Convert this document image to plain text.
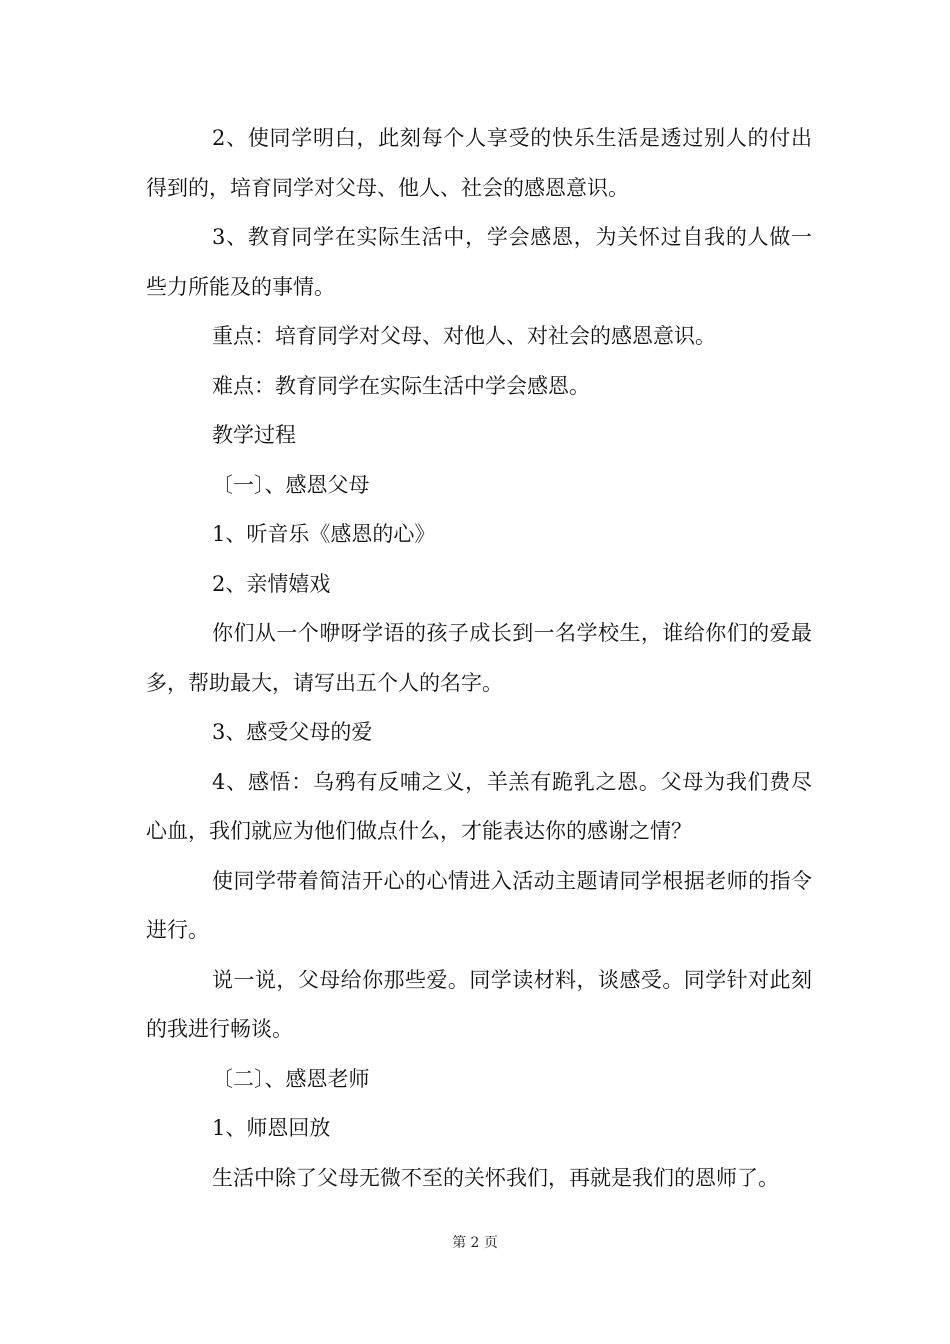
2、使同学明白，此刻每个人享受的快乐生活是透过别人的付出得到的，培育同学对父母、他人、社会的感恩意识。

3、教育同学在实际生活中，学会感恩，为关怀过自我的人做一些力所能及的事情。

重点：培育同学对父母、对他人、对社会的感恩意识。

难点：教育同学在实际生活中学会感恩。

教学过程

〔一〕、感恩父母

1、听音乐《感恩的心》

2、亲情嬉戏

你们从一个咿呀学语的孩子成长到一名学校生，谁给你们的爱最多，帮助最大，请写出五个人的名字。

3、感受父母的爱

4、感悟：乌鸦有反哺之义，羊羔有跪乳之恩。父母为我们费尽心血，我们就应为他们做点什么，才能表达你的感谢之情？

使同学带着简洁开心的心情进入活动主题请同学根据老师的指令进行。

说一说，父母给你那些爱。同学读材料，谈感受。同学针对此刻的我进行畅谈。

〔二〕、感恩老师

1、师恩回放

生活中除了父母无微不至的关怀我们，再就是我们的恩师了。

第 2 页
